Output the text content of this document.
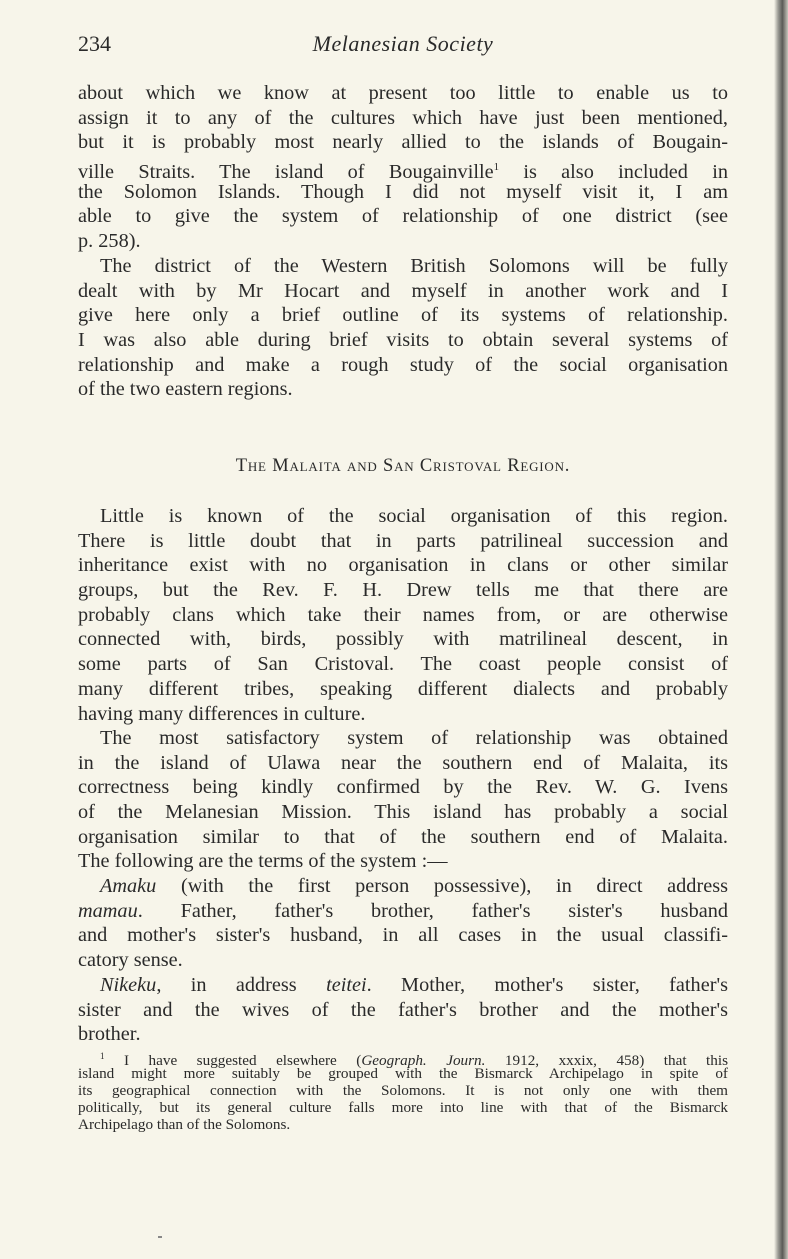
234	Melanesian Society
about which we know at present too little to enable us to
assign it to any of the cultures which have just been mentioned,
but it is probably most nearly allied to the islands of Bougain-
ville Straits. The island of Bougainville$^1$ is also included in
the Solomon Islands. Though I did not myself visit it, I am
able to give the system of relationship of one district (see
p. 258).
The district of the Western British Solomons will be fully
dealt with by Mr Hocart and myself in another work and I
give here only a brief outline of its systems of relationship.
I was also able during brief visits to obtain several systems of
relationship and make a rough study of the social organisation
of the two eastern regions.
The Malaita and San Cristoval Region.
Little is known of the social organisation of this region.
There is little doubt that in parts patrilineal succession and
inheritance exist with no organisation in clans or other similar
groups, but the Rev. F. H. Drew tells me that there are
probably clans which take their names from, or are otherwise
connected with, birds, possibly with matrilineal descent, in
some parts of San Cristoval. The coast people consist of
many different tribes, speaking different dialects and probably
having many differences in culture.
The most satisfactory system of relationship was obtained
in the island of Ulawa near the southern end of Malaita, its
correctness being kindly confirmed by the Rev. W. G. Ivens
of the Melanesian Mission. This island has probably a social
organisation similar to that of the southern end of Malaita.
The following are the terms of the system :—
Amaku (with the first person possessive), in direct address
mamau. Father, father's brother, father's sister's husband
and mother's sister's husband, in all cases in the usual classifi-
catory sense.
Nikeku, in address teitei. Mother, mother's sister, father's
sister and the wives of the father's brother and the mother's
brother.
$^1$ I have suggested elsewhere (Geograph. Journ. 1912, xxxix, 458) that this
island might more suitably be grouped with the Bismarck Archipelago in spite of
its geographical connection with the Solomons. It is not only one with them
politically, but its general culture falls more into line with that of the Bismarck
Archipelago than of the Solomons.
